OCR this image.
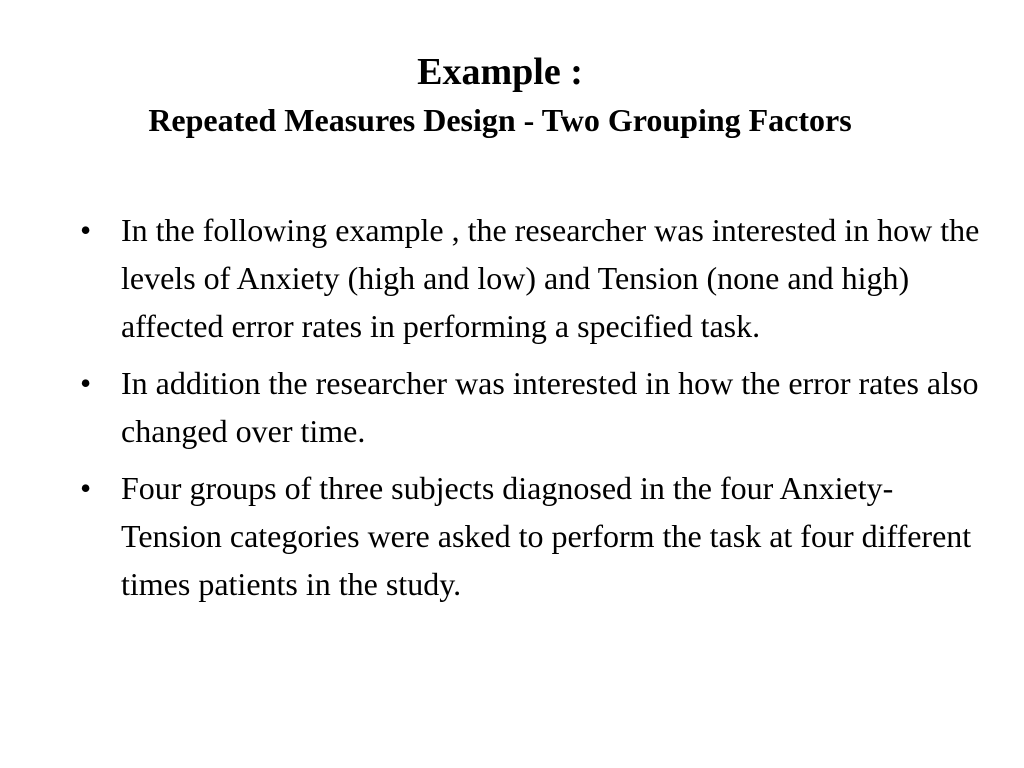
Example :
Repeated Measures Design - Two Grouping Factors
• In the following example , the researcher was interested in how the levels of Anxiety (high and low) and Tension (none and high) affected error rates in performing a specified task.
• In addition the researcher was interested in how the error rates also changed over time.
• Four groups of three subjects diagnosed in the four Anxiety-Tension categories were asked to perform the task at four different times patients in the study.
